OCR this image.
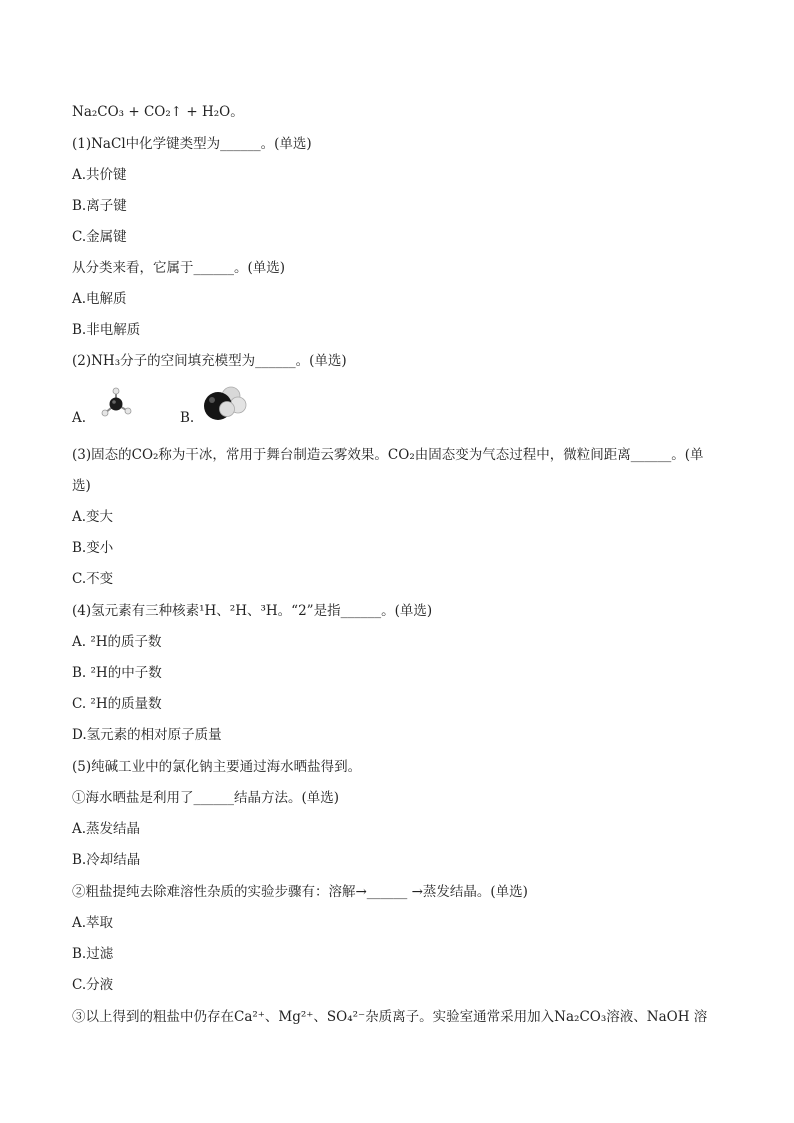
Na₂CO₃ + CO₂↑ + H₂O。
(1)NaCl中化学键类型为______。(单选)
A.共价键
B.离子键
C.金属键
从分类来看，它属于______。(单选)
A.电解质
B.非电解质
(2)NH₃分子的空间填充模型为______。(单选)
A.	B.
(3)固态的CO₂称为干冰，常用于舞台制造云雾效果。CO₂由固态变为气态过程中，微粒间距离______。(单
选)
A.变大
B.变小
C.不变
(4)氢元素有三种核素¹H、²H、³H。“2”是指______。(单选)
A. ²H的质子数
B. ²H的中子数
C. ²H的质量数
D.氢元素的相对原子质量
(5)纯碱工业中的氯化钠主要通过海水晒盐得到。
①海水晒盐是利用了______结晶方法。(单选)
A.蒸发结晶
B.冷却结晶
②粗盐提纯去除难溶性杂质的实验步骤有：溶解→______ →蒸发结晶。(单选)
A.萃取
B.过滤
C.分液
③以上得到的粗盐中仍存在Ca²⁺、Mg²⁺、SO₄²⁻杂质离子。实验室通常采用加入Na₂CO₃溶液、NaOH 溶
